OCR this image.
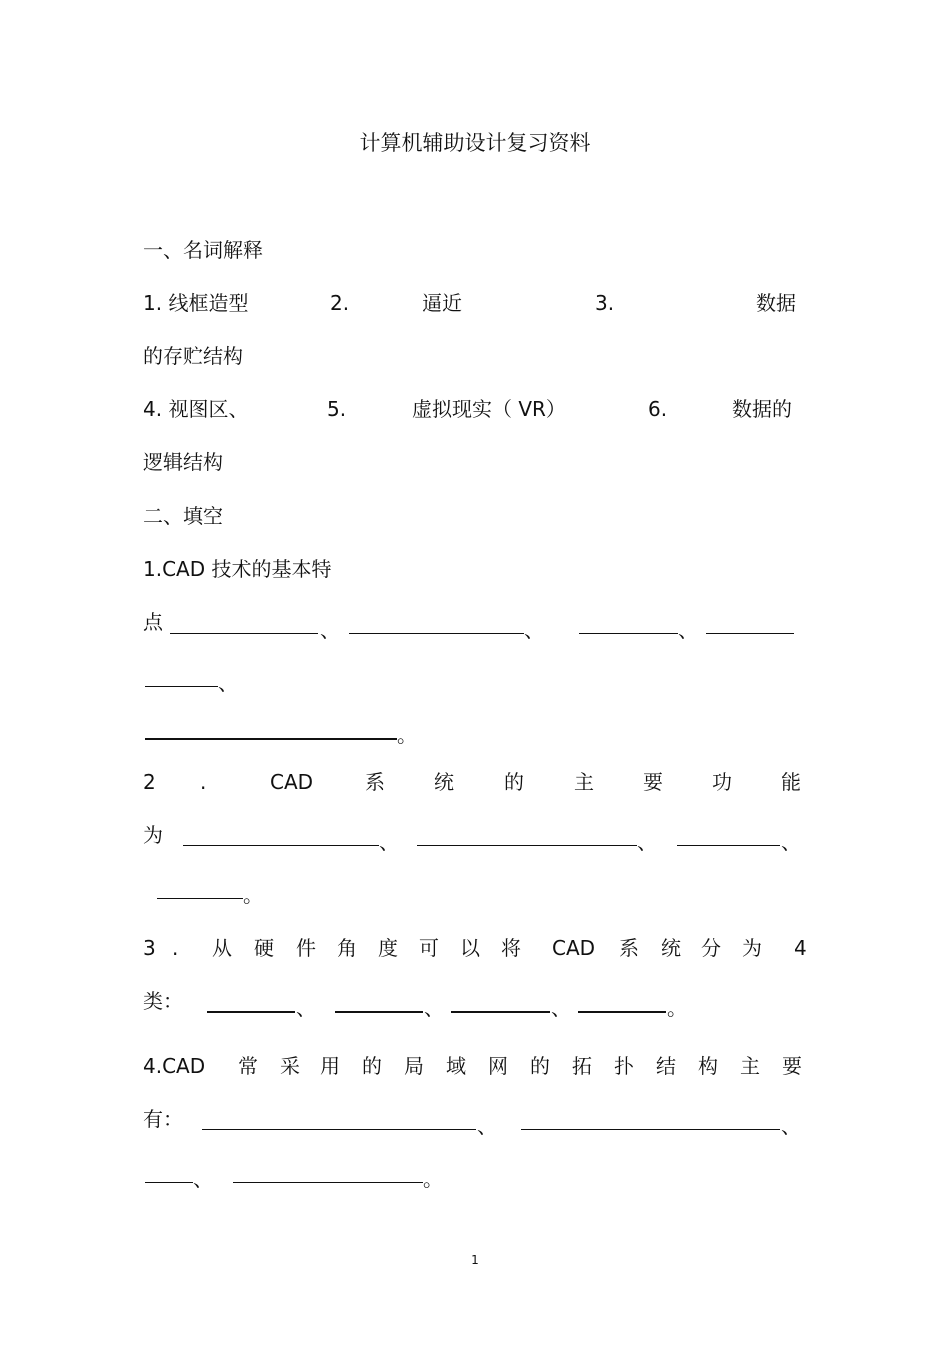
计算机辅助设计复习资料
一、名词解释
1. 线框造型	2.	逼近	3.	数据
的存贮结构
4. 视图区、	5.	虚拟现实（ VR）	6.	数据的
逻辑结构
二、填空
1.CAD 技术的基本特
点	、	、	、
、
。
2 .	CAD	系 统	的	主 要 功 能
为	、	、	、
。
3 . 从 硬 件 角 度 可 以 将 CAD 系 统 分 为 4
类：	、	、	、	。
4.CAD 常 采 用 的 局 域 网 的 拓 扑 结 构 主 要
有：	、	、
、	。
1
